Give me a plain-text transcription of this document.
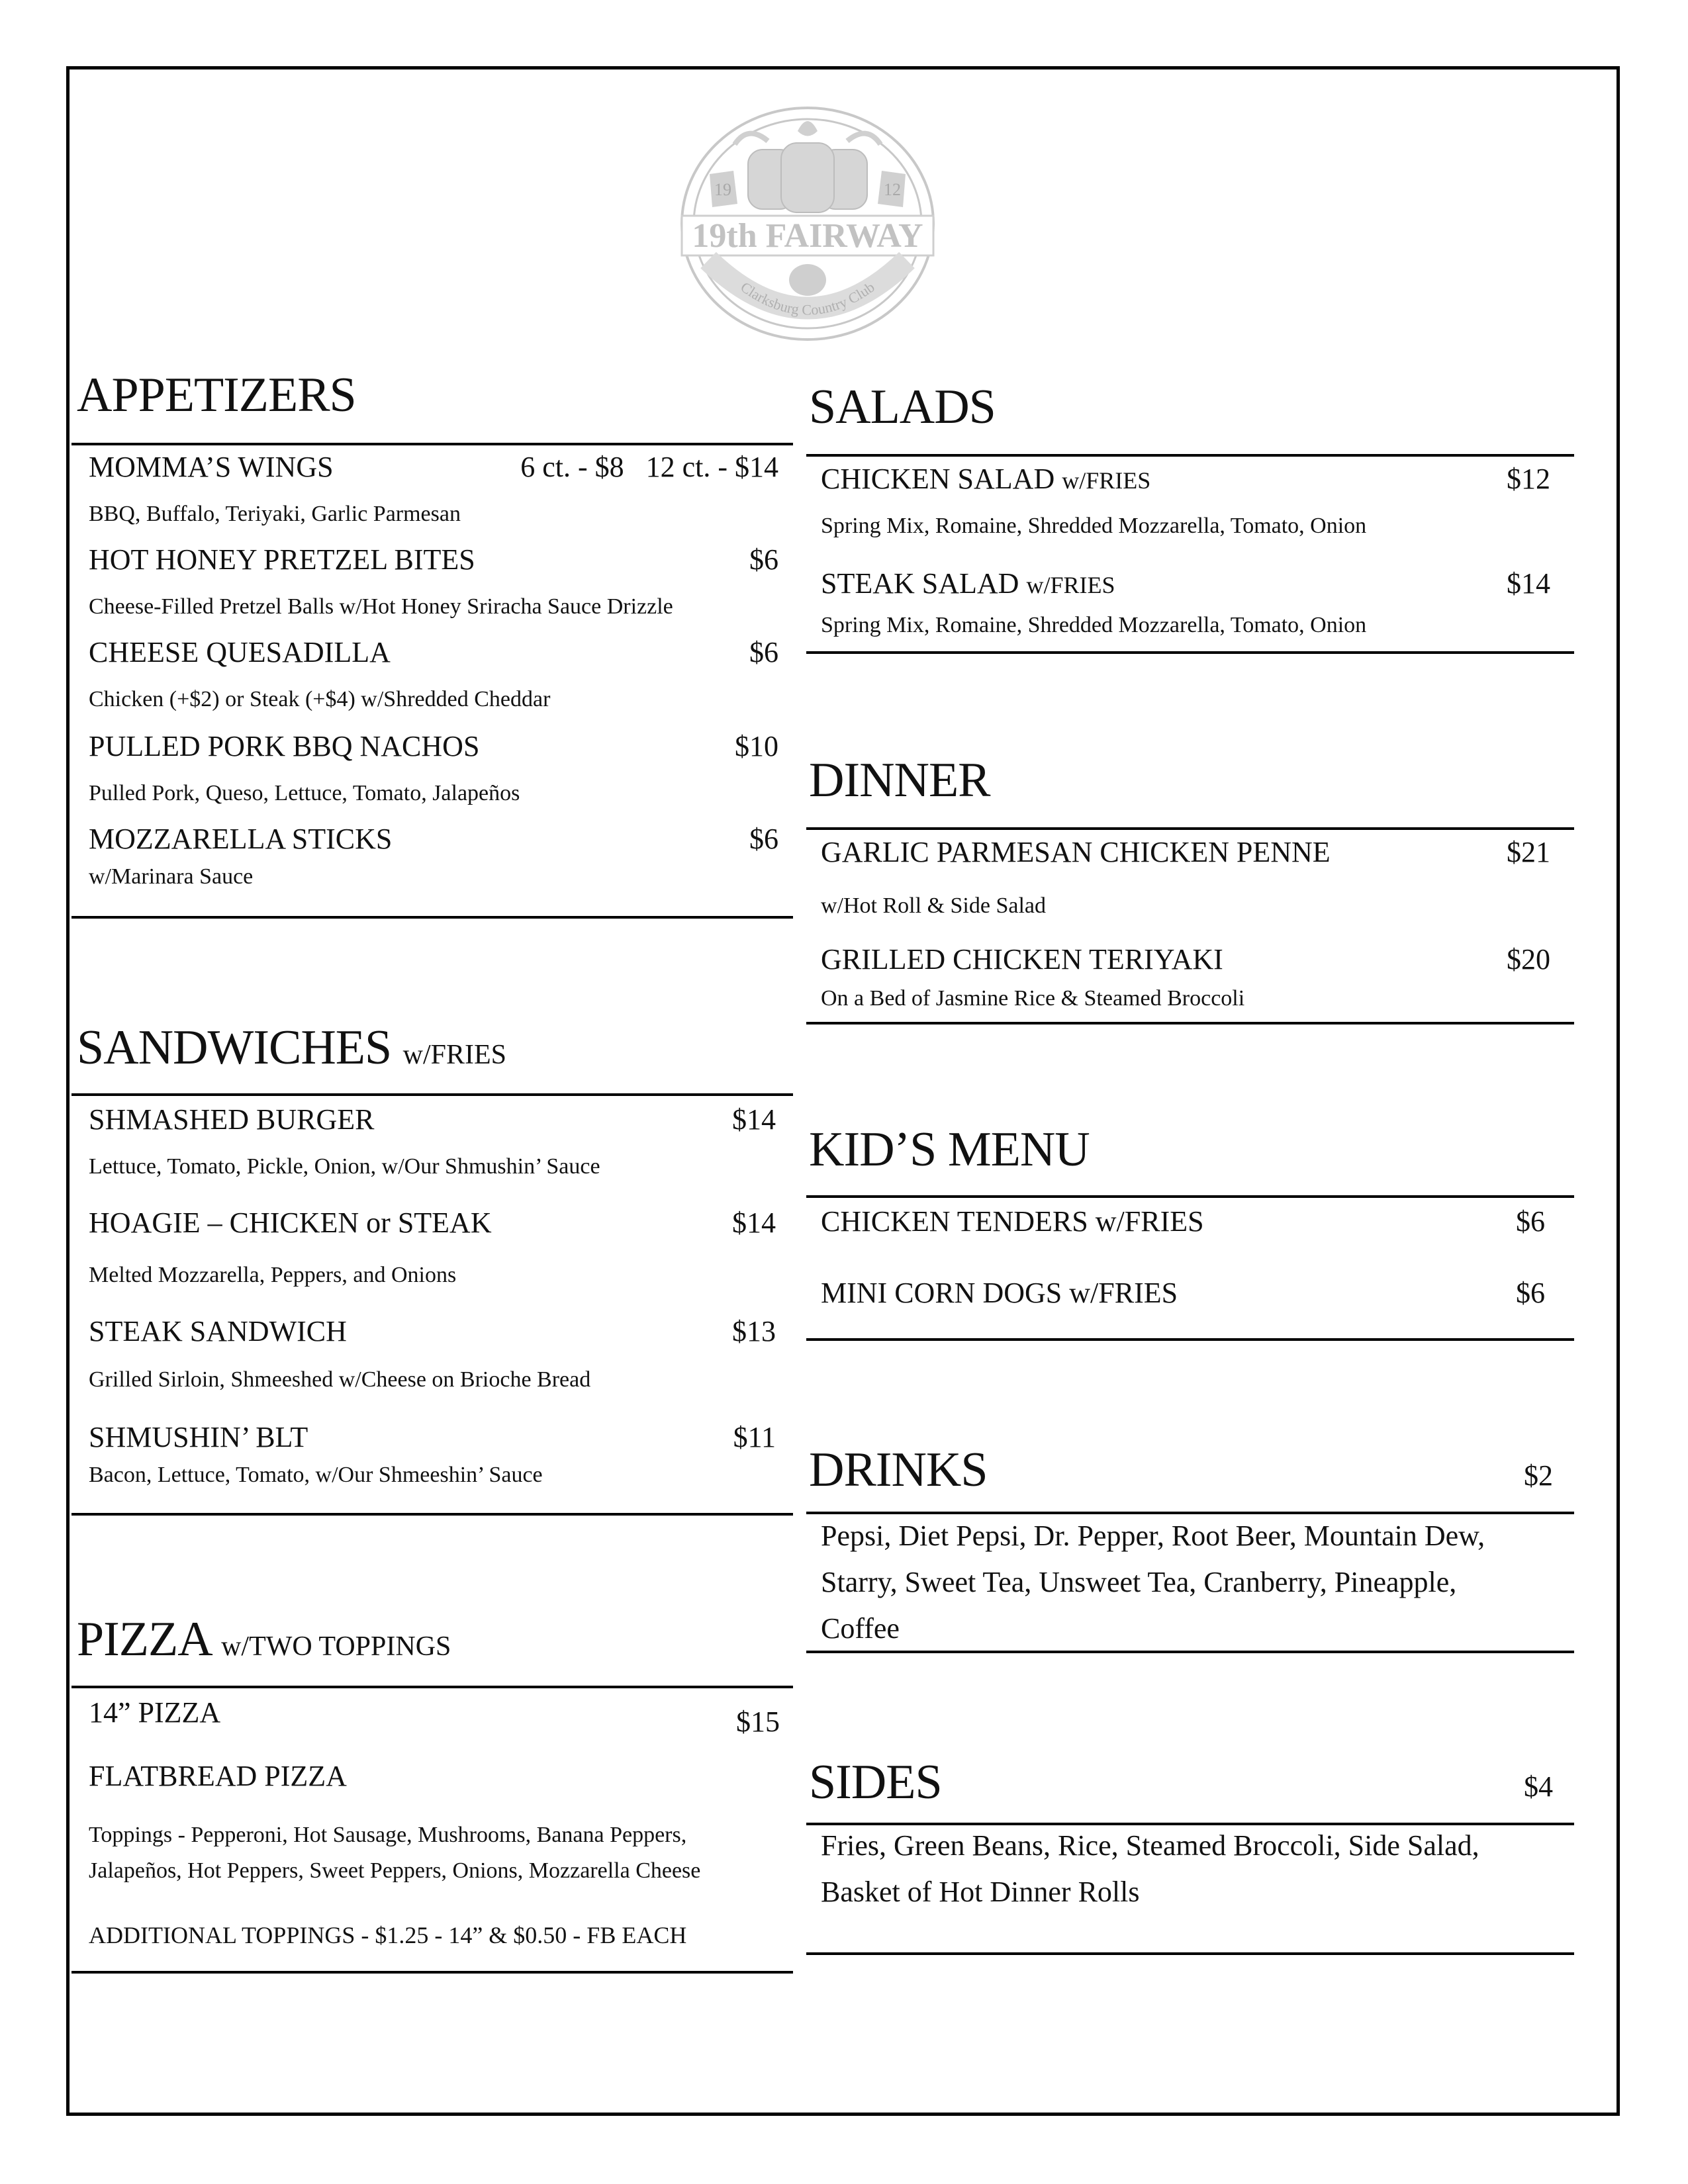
19	12
19th FAIRWAY
Clarksburg Country Club
APPETIZERS
MOMMA’S WINGS	6 ct. - $8   12 ct. - $14
BBQ, Buffalo, Teriyaki, Garlic Parmesan
HOT HONEY PRETZEL BITES	$6
Cheese-Filled Pretzel Balls w/Hot Honey Sriracha Sauce Drizzle
CHEESE QUESADILLA	$6
Chicken (+$2) or Steak (+$4) w/Shredded Cheddar
PULLED PORK BBQ NACHOS	$10
Pulled Pork, Queso, Lettuce, Tomato, Jalapeños
MOZZARELLA STICKS	$6
w/Marinara Sauce
SANDWICHES w/FRIES
SHMASHED BURGER	$14
Lettuce, Tomato, Pickle, Onion, w/Our Shmushin’ Sauce
HOAGIE – CHICKEN or STEAK	$14
Melted Mozzarella, Peppers, and Onions
STEAK SANDWICH	$13
Grilled Sirloin, Shmeeshed w/Cheese on Brioche Bread
SHMUSHIN’ BLT	$11
Bacon, Lettuce, Tomato, w/Our Shmeeshin’ Sauce
PIZZA w/TWO TOPPINGS
14” PIZZA	$15
FLATBREAD PIZZA
Toppings - Pepperoni, Hot Sausage, Mushrooms, Banana Peppers,
Jalapeños, Hot Peppers, Sweet Peppers, Onions, Mozzarella Cheese
ADDITIONAL TOPPINGS - $1.25 - 14” & $0.50 - FB EACH
SALADS
CHICKEN SALAD w/FRIES	$12
Spring Mix, Romaine, Shredded Mozzarella, Tomato, Onion
STEAK SALAD w/FRIES	$14
Spring Mix, Romaine, Shredded Mozzarella, Tomato, Onion
DINNER
GARLIC PARMESAN CHICKEN PENNE	$21
w/Hot Roll & Side Salad
GRILLED CHICKEN TERIYAKI	$20
On a Bed of Jasmine Rice & Steamed Broccoli
KID’S MENU
CHICKEN TENDERS w/FRIES	$6
MINI CORN DOGS w/FRIES	$6
DRINKS	$2
Pepsi, Diet Pepsi, Dr. Pepper, Root Beer, Mountain Dew,
Starry, Sweet Tea, Unsweet Tea, Cranberry, Pineapple,
Coffee
SIDES	$4
Fries, Green Beans, Rice, Steamed Broccoli, Side Salad,
Basket of Hot Dinner Rolls
